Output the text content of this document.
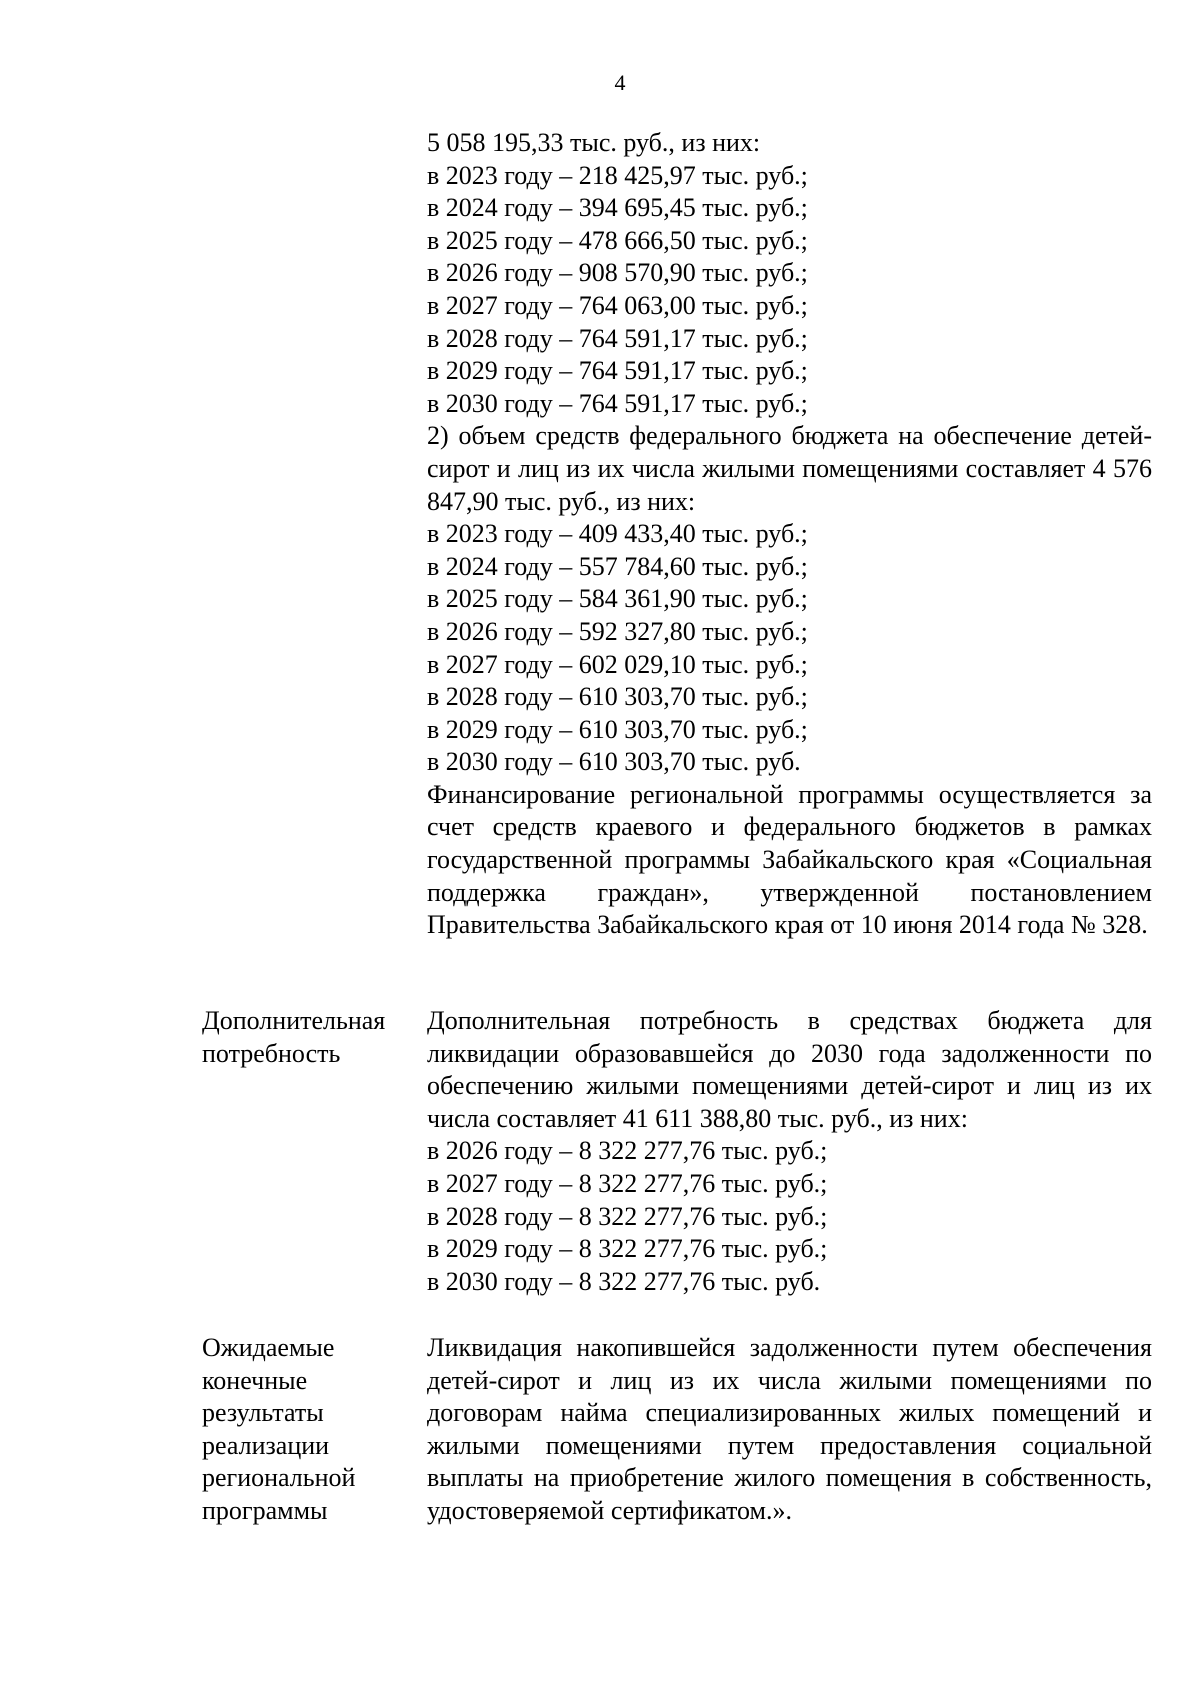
4
5 058 195,33 тыс. руб., из них:
в 2023 году – 218 425,97 тыс. руб.;
в 2024 году – 394 695,45 тыс. руб.;
в 2025 году – 478 666,50 тыс. руб.;
в 2026 году – 908 570,90 тыс. руб.;
в 2027 году – 764 063,00 тыс. руб.;
в 2028 году – 764 591,17 тыс. руб.;
в 2029 году – 764 591,17 тыс. руб.;
в 2030 году – 764 591,17 тыс. руб.;
2) объем средств федерального бюджета на обеспечение детей-сирот и лиц из их числа жилыми помещениями составляет 4 576 847,90 тыс. руб., из них:
в 2023 году – 409 433,40 тыс. руб.;
в 2024 году – 557 784,60 тыс. руб.;
в 2025 году – 584 361,90 тыс. руб.;
в 2026 году – 592 327,80 тыс. руб.;
в 2027 году – 602 029,10 тыс. руб.;
в 2028 году – 610 303,70 тыс. руб.;
в 2029 году – 610 303,70 тыс. руб.;
в 2030 году – 610 303,70 тыс. руб.
Финансирование региональной программы осуществляется за счет средств краевого и федерального бюджетов в рамках государственной программы Забайкальского края «Социальная поддержка граждан», утвержденной постановлением Правительства Забайкальского края от 10 июня 2014 года № 328.
Дополнительная потребность
Дополнительная потребность в средствах бюджета для ликвидации образовавшейся до 2030 года задолженности по обеспечению жилыми помещениями детей-сирот и лиц из их числа составляет 41 611 388,80 тыс. руб., из них:
в 2026 году – 8 322 277,76 тыс. руб.;
в 2027 году – 8 322 277,76 тыс. руб.;
в 2028 году – 8 322 277,76 тыс. руб.;
в 2029 году – 8 322 277,76 тыс. руб.;
в 2030 году – 8 322 277,76 тыс. руб.
Ожидаемые
конечные
результаты
реализации
региональной
программы
Ликвидация накопившейся задолженности путем обеспечения детей-сирот и лиц из их числа жилыми помещениями по договорам найма специализированных жилых помещений и жилыми помещениями путем предоставления социальной выплаты на приобретение жилого помещения в собственность, удостоверяемой сертификатом.».
